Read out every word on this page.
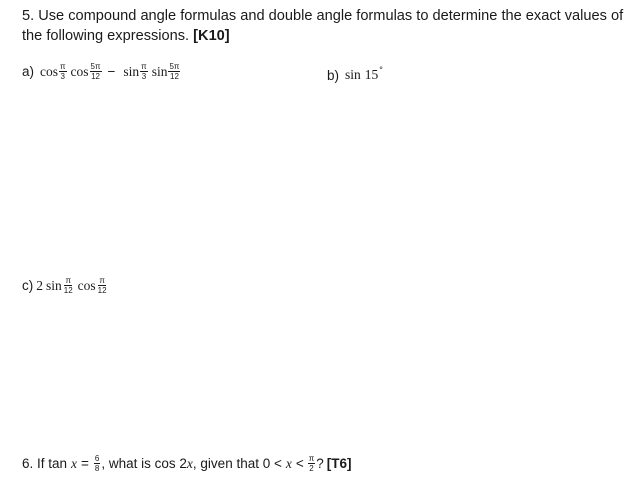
5. Use compound angle formulas and double angle formulas to determine the exact values of the following expressions. [K10]

a) $\cos \frac{\pi}{3}$ $\cos \frac{5\pi}{12} - \sin \frac{\pi}{3}$ $\sin \frac{5\pi}{12}$	b) sin 15 °
c) 2 $\sin \frac{\pi}{12}$ $\cos \frac{\pi}{12}$
6. If $\tan x = \frac{6}{8}$ , what is cos 2 x , given that $0 < x < \frac{\pi}{2}$ ? [T6]
